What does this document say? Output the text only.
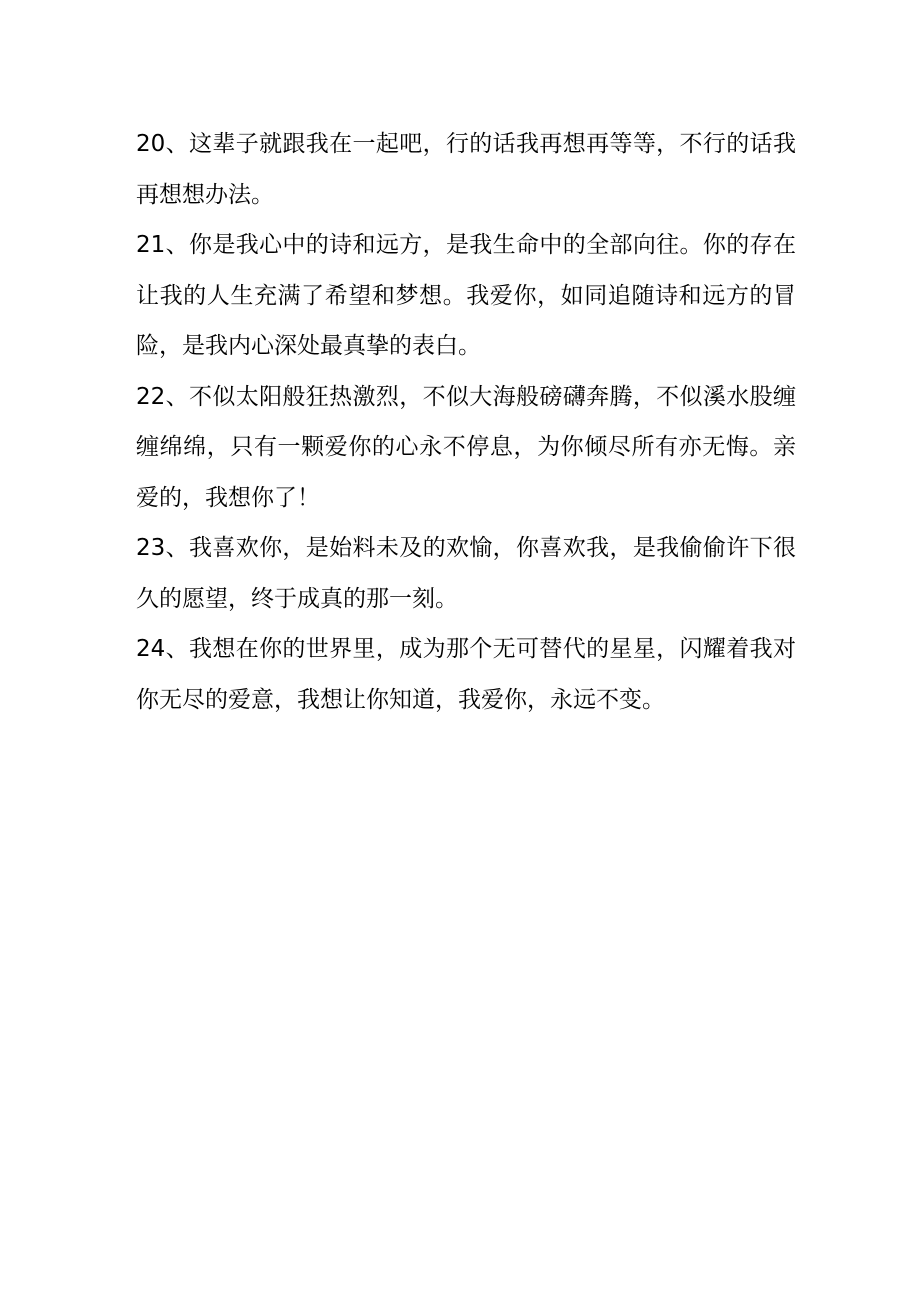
20、这辈子就跟我在一起吧，行的话我再想再等等，不行的话我再想想办法。

21、你是我心中的诗和远方，是我生命中的全部向往。你的存在让我的人生充满了希望和梦想。我爱你，如同追随诗和远方的冒险，是我内心深处最真挚的表白。

22、不似太阳般狂热激烈，不似大海般磅礴奔腾，不似溪水股缠缠绵绵，只有一颗爱你的心永不停息，为你倾尽所有亦无悔。亲爱的，我想你了！

23、我喜欢你，是始料未及的欢愉，你喜欢我，是我偷偷许下很久的愿望，终于成真的那一刻。

24、我想在你的世界里，成为那个无可替代的星星，闪耀着我对你无尽的爱意，我想让你知道，我爱你，永远不变。
